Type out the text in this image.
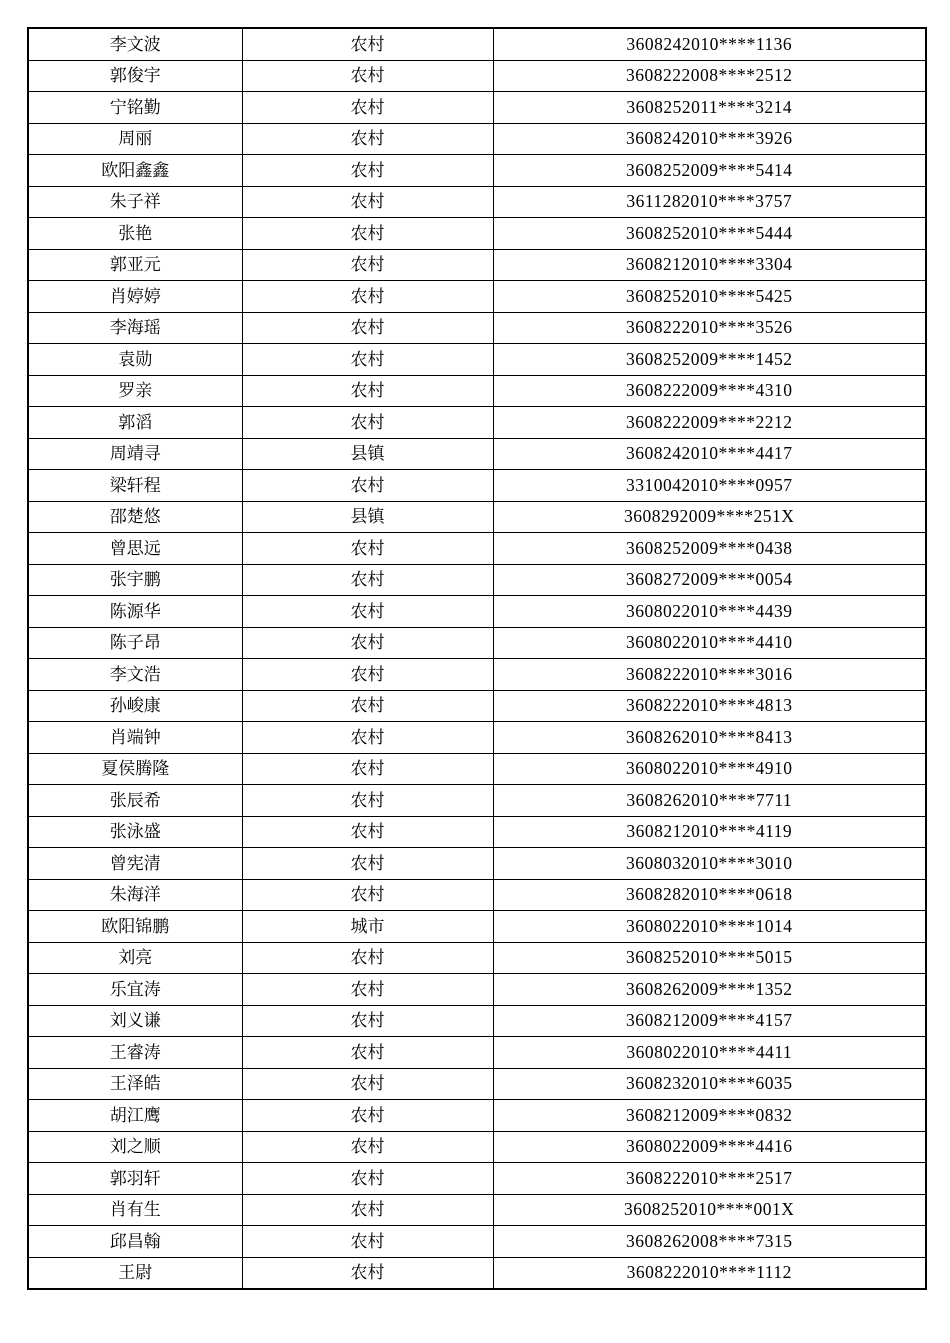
李文波	农村	3608242010****1136
郭俊宇	农村	3608222008****2512
宁铭勤	农村	3608252011****3214
周丽	农村	3608242010****3926
欧阳鑫鑫	农村	3608252009****5414
朱子祥	农村	3611282010****3757
张艳	农村	3608252010****5444
郭亚元	农村	3608212010****3304
肖婷婷	农村	3608252010****5425
李海瑶	农村	3608222010****3526
袁勋	农村	3608252009****1452
罗亲	农村	3608222009****4310
郭滔	农村	3608222009****2212
周靖寻	县镇	3608242010****4417
梁轩程	农村	3310042010****0957
邵楚悠	县镇	3608292009****251X
曾思远	农村	3608252009****0438
张宇鹏	农村	3608272009****0054
陈源华	农村	3608022010****4439
陈子昂	农村	3608022010****4410
李文浩	农村	3608222010****3016
孙峻康	农村	3608222010****4813
肖端钟	农村	3608262010****8413
夏侯腾隆	农村	3608022010****4910
张辰希	农村	3608262010****7711
张泳盛	农村	3608212010****4119
曾宪清	农村	3608032010****3010
朱海洋	农村	3608282010****0618
欧阳锦鹏	城市	3608022010****1014
刘亮	农村	3608252010****5015
乐宜涛	农村	3608262009****1352
刘义谦	农村	3608212009****4157
王睿涛	农村	3608022010****4411
王泽皓	农村	3608232010****6035
胡江鹰	农村	3608212009****0832
刘之顺	农村	3608022009****4416
郭羽轩	农村	3608222010****2517
肖有生	农村	3608252010****001X
邱昌翰	农村	3608262008****7315
王尉	农村	3608222010****1112
